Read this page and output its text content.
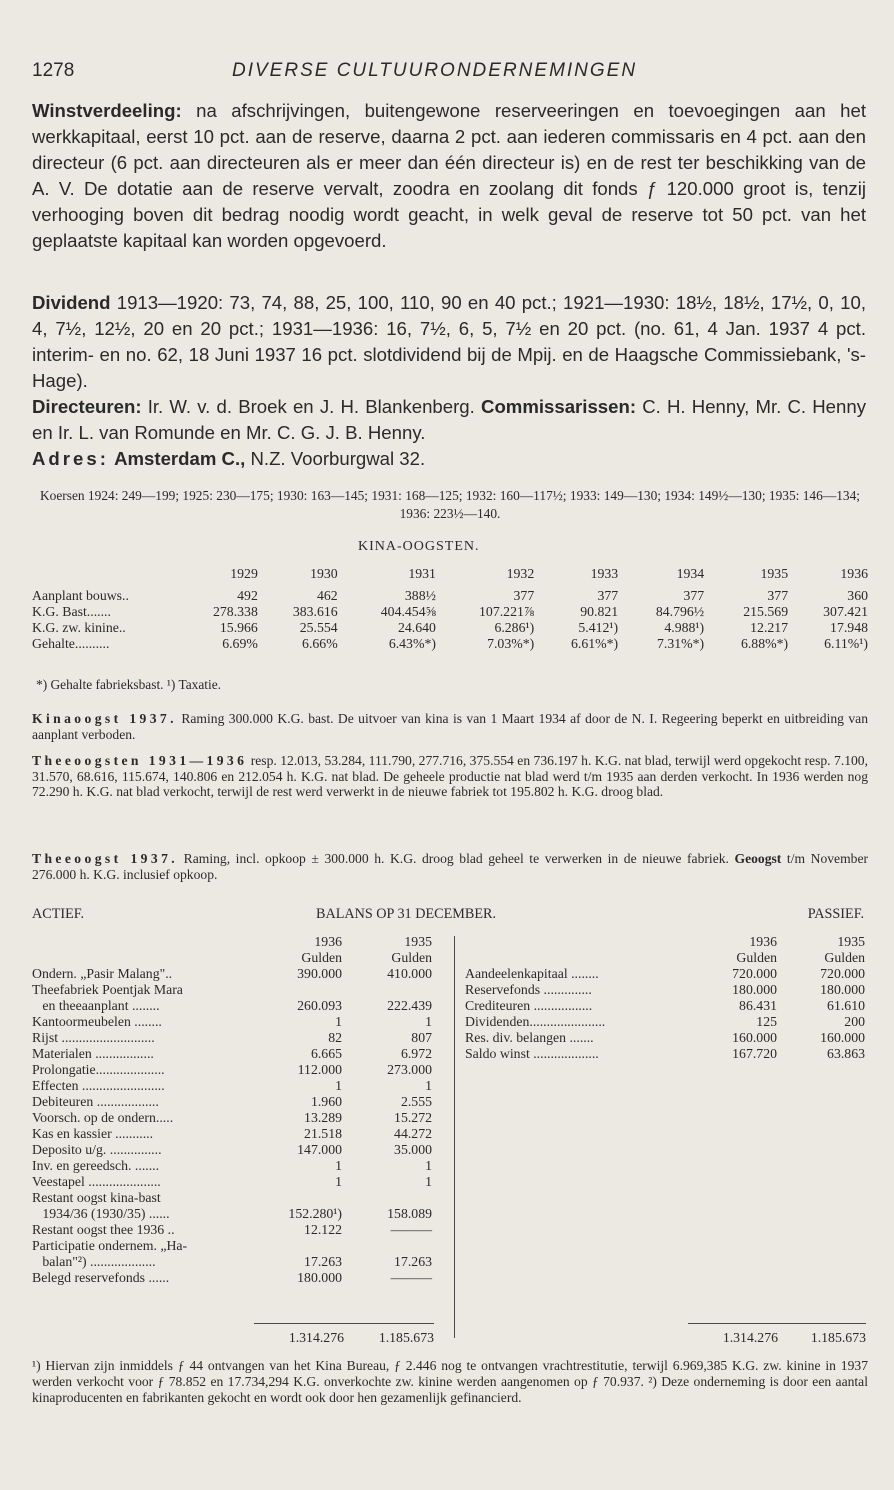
1278	DIVERSE CULTUURONDERNEMINGEN
Winstverdeeling: na afschrijvingen, buitengewone reserveeringen en toevoegingen aan het werkkapitaal, eerst 10 pct. aan de reserve, daarna 2 pct. aan iederen commissaris en 4 pct. aan den directeur (6 pct. aan directeuren als er meer dan één directeur is) en de rest ter beschikking van de A. V. De dotatie aan de reserve vervalt, zoodra en zoolang dit fonds ƒ 120.000 groot is, tenzij verhooging boven dit bedrag noodig wordt geacht, in welk geval de reserve tot 50 pct. van het geplaatste kapitaal kan worden opgevoerd.
Dividend 1913—1920: 73, 74, 88, 25, 100, 110, 90 en 40 pct.; 1921—1930: 18½, 18½, 17½, 0, 10, 4, 7½, 12½, 20 en 20 pct.; 1931—1936: 16, 7½, 6, 5, 7½ en 20 pct. (no. 61, 4 Jan. 1937 4 pct. interim- en no. 62, 18 Juni 1937 16 pct. slotdividend bij de Mpij. en de Haagsche Commissiebank, 's-Hage).
Directeuren: Ir. W. v. d. Broek en J. H. Blankenberg. Commissarissen: C. H. Henny, Mr. C. Henny en Ir. L. van Romunde en Mr. C. G. J. B. Henny.
Adres: Amsterdam C., N.Z. Voorburgwal 32.
Koersen 1924: 249—199; 1925: 230—175; 1930: 163—145; 1931: 168—125; 1932: 160—117½; 1933: 149—130; 1934: 149½—130; 1935: 146—134; 1936: 223½—140.
KINA-OOGSTEN.
	1929	1930	1931	1932	1933	1934	1935	1936
Aanplant bouws..	492	462	388½	377	377	377	377	360
K.G. Bast.......	278.338	383.616	404.454⅝	107.221⅞	90.821	84.796½	215.569	307.421
K.G. zw. kinine..	15.966	25.554	24.640	6.286¹)	5.412¹)	4.988¹)	12.217	17.948
Gehalte..........	6.69%	6.66%	6.43%*)	7.03%*)	6.61%*)	7.31%*)	6.88%*)	6.11%¹)
*) Gehalte fabrieksbast. ¹) Taxatie.
Kinaoogst 1937. Raming 300.000 K.G. bast. De uitvoer van kina is van 1 Maart 1934 af door de N. I. Regeering beperkt en uitbreiding van aanplant verboden.
Theeoogsten 1931—1936 resp. 12.013, 53.284, 111.790, 277.716, 375.554 en 736.197 h. K.G. nat blad, terwijl werd opgekocht resp. 7.100, 31.570, 68.616, 115.674, 140.806 en 212.054 h. K.G. nat blad. De geheele productie nat blad werd t/m 1935 aan derden verkocht. In 1936 werden nog 72.290 h. K.G. nat blad verkocht, terwijl de rest werd verwerkt in de nieuwe fabriek tot 195.802 h. K.G. droog blad.
Theeoogst 1937. Raming, incl. opkoop ± 300.000 h. K.G. droog blad geheel te verwerken in de nieuwe fabriek. Geoogst t/m November 276.000 h. K.G. inclusief opkoop.
ACTIEF.	BALANS OP 31 DECEMBER.	PASSIEF.
	1936	1935
	Gulden	Gulden
Ondern. „Pasir Malang"..	390.000	410.000
Theefabriek Poentjak Mara		
en theeaanplant ........	260.093	222.439
Kantoormeubelen ........	1	1
Rijst ...........................	82	807
Materialen .................	6.665	6.972
Prolongatie....................	112.000	273.000
Effecten ........................	1	1
Debiteuren ..................	1.960	2.555
Voorsch. op de ondern.....	13.289	15.272
Kas en kassier ...........	21.518	44.272
Deposito u/g. ...............	147.000	35.000
Inv. en gereedsch. .......	1	1
Veestapel .....................	1	1
Restant oogst kina-bast		
1934/36 (1930/35) ......	152.280¹)	158.089
Restant oogst thee 1936 ..	12.122	———
Participatie ondernem. „Ha-		
balan"²) ...................	17.263	17.263
Belegd reservefonds ......	180.000	———
	1936	1935
	Gulden	Gulden
Aandeelenkapitaal ........	720.000	720.000
Reservefonds ..............	180.000	180.000
Crediteuren .................	86.431	61.610
Dividenden......................	125	200
Res. div. belangen .......	160.000	160.000
Saldo winst ...................	167.720	63.863
1.314.276	1.185.673	1.314.276 1.185.673
¹) Hiervan zijn inmiddels ƒ 44 ontvangen van het Kina Bureau, ƒ 2.446 nog te ontvangen vrachtrestitutie, terwijl 6.969,385 K.G. zw. kinine in 1937 werden verkocht voor ƒ 78.852 en 17.734,294 K.G. onverkochte zw. kinine werden aangenomen op ƒ 70.937. ²) Deze onderneming is door een aantal kinaproducenten en fabrikanten gekocht en wordt ook door hen gezamenlijk gefinancierd.
